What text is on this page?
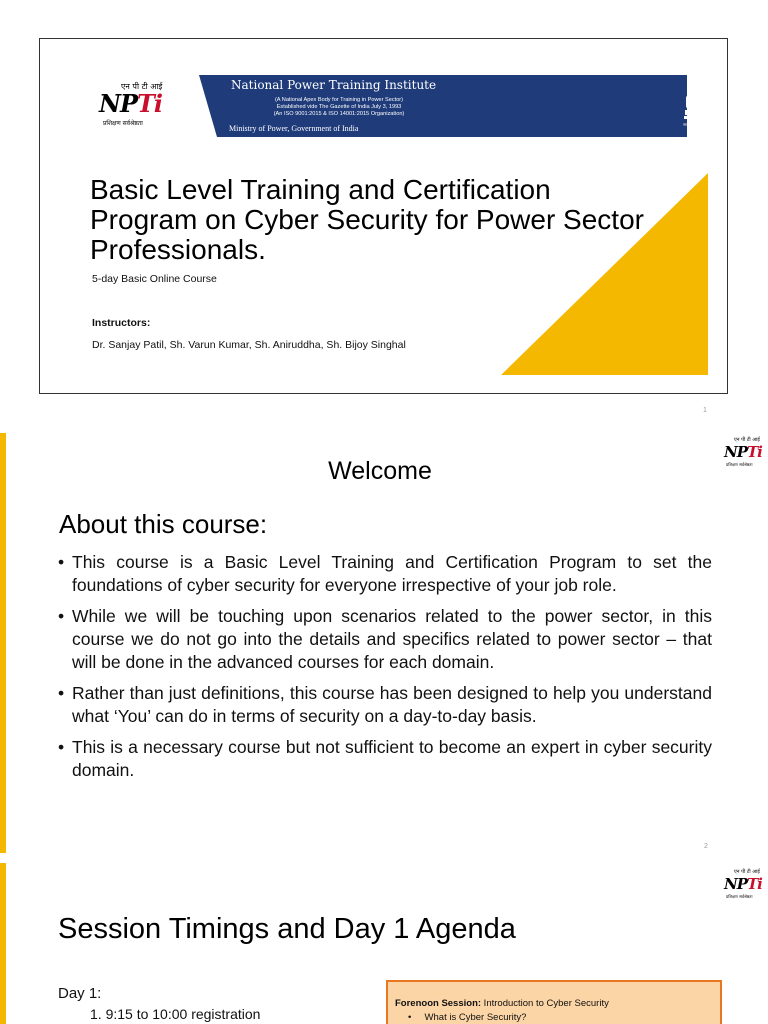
एन पी टी आई
NPTi
प्रशिक्षण सर्वश्रेष्ठता
National Power Training Institute
(A National Apex Body for Training in Power Sector)
Established vide The Gazette of India July 3, 1993
(An ISO 9001:2015 & ISO 14001:2015 Organization)
Ministry of Power, Government of India	सत्यमेव जयते
Basic Level Training and Certification Program on Cyber Security for Power Sector Professionals.
5-day Basic Online Course
Instructors:
Dr. Sanjay Patil, Sh. Varun Kumar, Sh. Aniruddha, Sh. Bijoy Singhal
1
एन पी टी आई
NPTi
प्रशिक्षण सर्वश्रेष्ठता
Welcome
About this course:
• This course is a Basic Level Training and Certification Program to set the foundations of cyber security for everyone irrespective of your job role.
• While we will be touching upon scenarios related to the power sector, in this course we do not go into the details and specifics related to power sector – that will be done in the advanced courses for each domain.
• Rather than just definitions, this course has been designed to help you understand what ‘You’ can do in terms of security on a day-to-day basis.
• This is a necessary course but not sufficient to become an expert in cyber security domain.
2
एन पी टी आई
NPTi
प्रशिक्षण सर्वश्रेष्ठता
Session Timings and Day 1 Agenda
Day 1:
1. 9:15 to 10:00 registration
Forenoon Session: Introduction to Cyber Security
•     What is Cyber Security?
